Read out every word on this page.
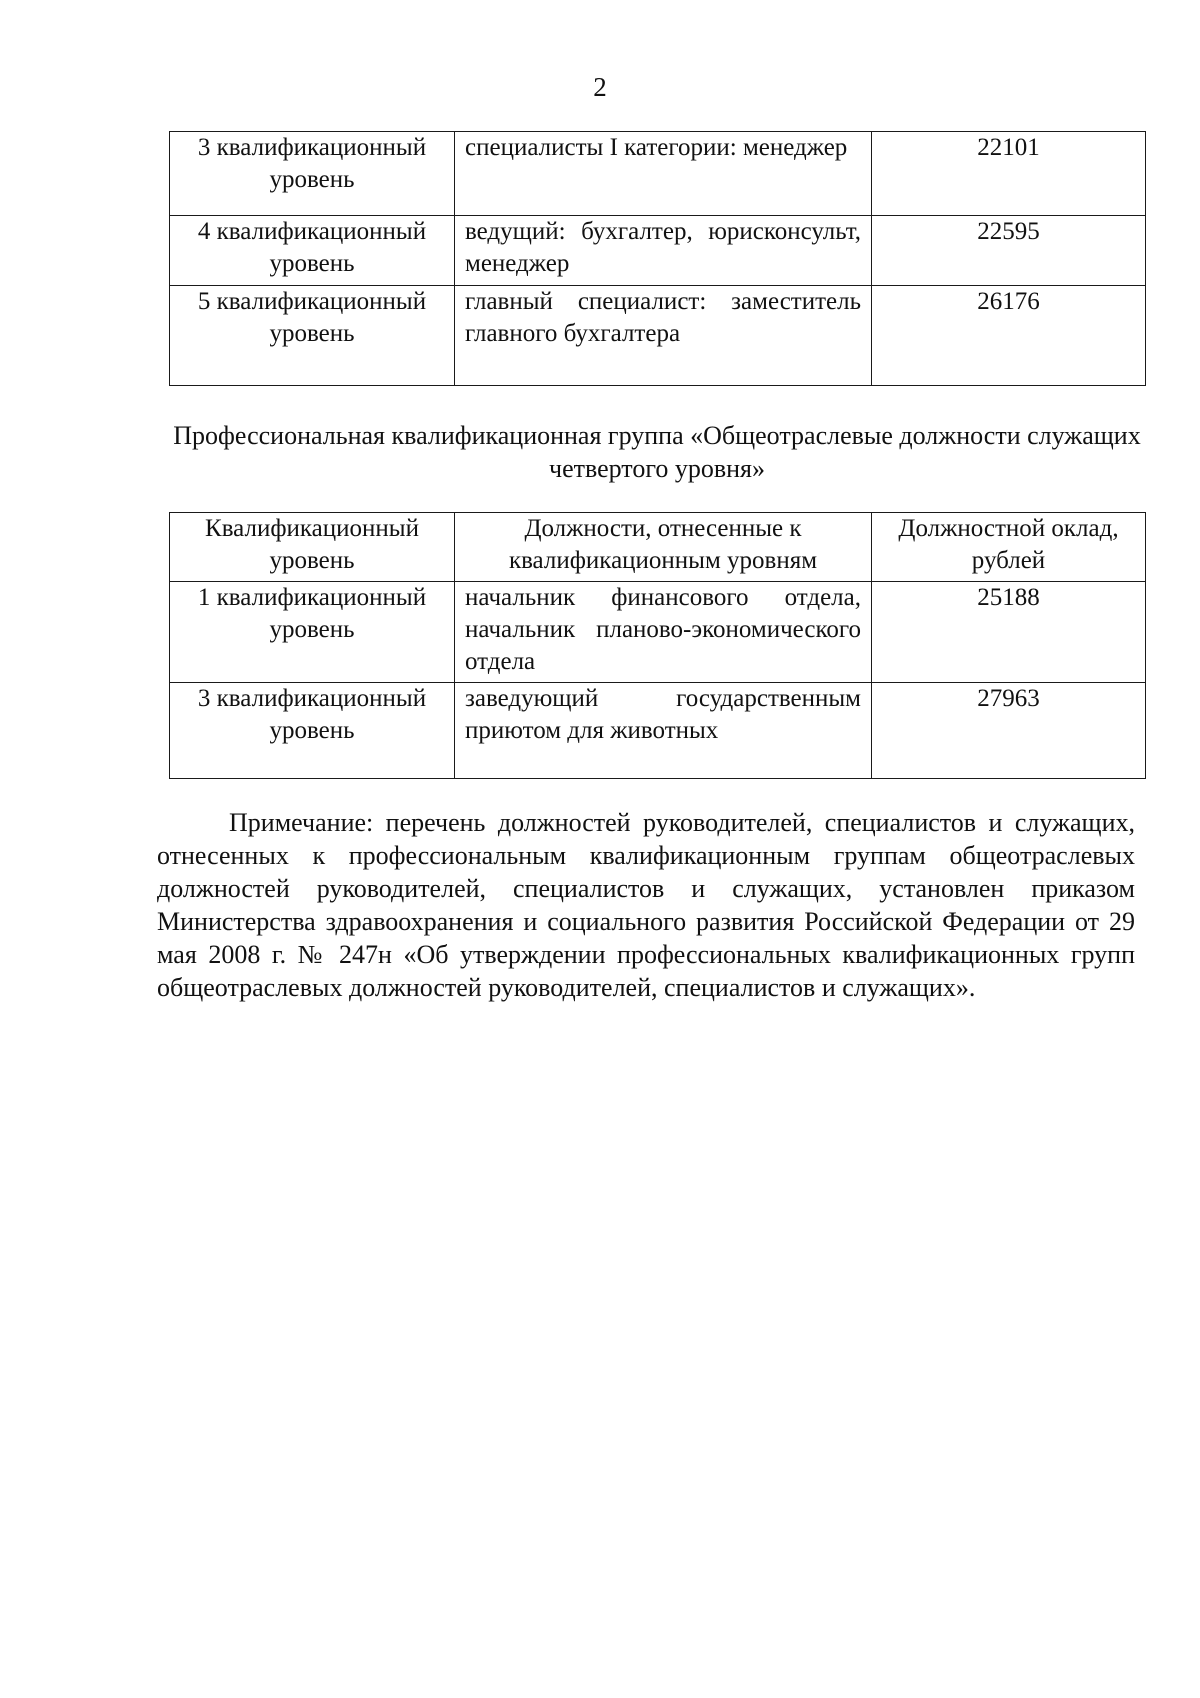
2
3 квалификационный уровень	специалисты I категории: менеджер	22101
4 квалификационный уровень	ведущий: бухгалтер, юрисконсульт, менеджер	22595
5 квалификационный уровень	главный специалист: заместитель главного бухгалтера	26176
Профессиональная квалификационная группа «Общеотраслевые должности служащих четвертого уровня»
Квалификационный уровень	Должности, отнесенные к квалификационным уровням	Должностной оклад, рублей
1 квалификационный уровень	начальник финансового отдела, начальник планово-экономического отдела	25188
3 квалификационный уровень	заведующий государственным приютом для животных	27963

Примечание: перечень должностей руководителей, специалистов и служащих, отнесенных к профессиональным квалификационным группам общеотраслевых должностей руководителей, специалистов и служащих, установлен приказом Министерства здравоохранения и социального развития Российской Федерации от 29 мая 2008 г. № 247н «Об утверждении профессиональных квалификационных групп общеотраслевых должностей руководителей, специалистов и служащих».
